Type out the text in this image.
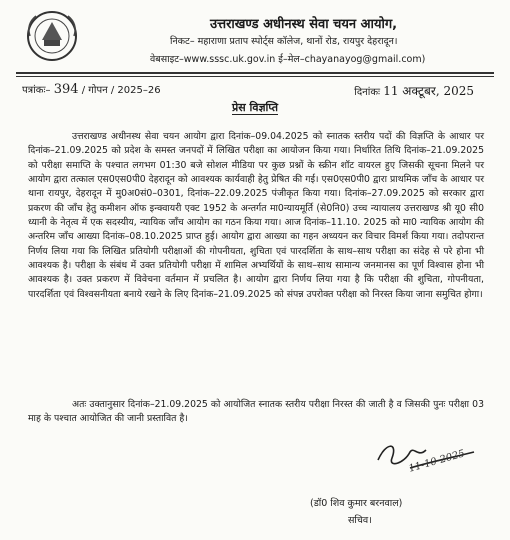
उत्तराखण्ड अधीनस्थ सेवा चयन आयोग,
निकट– महाराणा प्रताप स्पोर्ट्स कॉलेज, थानों रोड, रायपुर देहरादून।
वेबसाइट–www.sssc.uk.gov.in ई–मेल–chayanayog@gmail.com)
पत्रांकः– 394 / गोपन / 2025–26	दिनांकः 11 अक्टूबर, 2025
प्रेस विज्ञप्ति

उत्तराखण्ड अधीनस्थ सेवा चयन आयोग द्वारा दिनांक–09.04.2025 को स्नातक स्तरीय पदों की विज्ञप्ति के आधार पर दिनांक–21.09.2025 को प्रदेश के समस्त जनपदों में लिखित परीक्षा का आयोजन किया गया। निर्धारित तिथि दिनांक–21.09.2025 को परीक्षा समाप्ति के पश्चात लगभग 01:30 बजे सोशल मीडिया पर कुछ प्रश्नों के स्क्रीन शॉट वायरल हुए जिसकी सूचना मिलने पर आयोग द्वारा तत्काल एस0एस0पी0 देहरादून को आवश्यक कार्यवाही हेतु प्रेषित की गई। एस0एस0पी0 द्वारा प्राथमिक जाँच के आधार पर थाना रायपुर, देहरादून में मु0अ0सं0–0301, दिनांक–22.09.2025 पंजीकृत किया गया। दिनांक–27.09.2025 को सरकार द्वारा प्रकरण की जाँच हेतु कमीशन ऑफ इन्क्वायरी एक्ट 1952 के अन्तर्गत मा0न्यायमूर्ति (से0नि0) उच्च न्यायालय उत्तराखण्ड श्री यू0 सी0 ध्यानी के नेतृत्व में एक सदस्यीय, न्यायिक जाँच आयोग का गठन किया गया। आज दिनांक–11.10. 2025 को मा0 न्यायिक आयोग की अन्तरिम जाँच आख्या दिनांक–08.10.2025 प्राप्त हुई। आयोग द्वारा आख्या का गहन अध्ययन कर विचार विमर्श किया गया। तदोपरान्त निर्णय लिया गया कि लिखित प्रतियोगी परीक्षाओं की गोपनीयता, शुचिता एवं पारदर्शिता के साथ–साथ परीक्षा का संदेह से परे होना भी आवश्यक है। परीक्षा के संबंध में उक्त प्रतियोगी परीक्षा में शामिल अभ्यर्थियों के साथ–साथ सामान्य जनमानस का पूर्ण विश्वास होना भी आवश्यक है। उक्त प्रकरण में विवेचना वर्तमान में प्रचलित है। आयोग द्वारा निर्णय लिया गया है कि परीक्षा की शुचिता, गोपनीयता, पारदर्शिता एवं विश्वसनीयता बनाये रखने के लिए दिनांक–21.09.2025 को संपन्न उपरोक्त परीक्षा को निरस्त किया जाना समुचित होगा।

अतः उक्तानुसार दिनांक–21.09.2025 को आयोजित स्नातक स्तरीय परीक्षा निरस्त की जाती है व जिसकी पुनः परीक्षा 03 माह के पश्चात आयोजित की जानी प्रस्तावित है।

11-10-2025
(डॉ0 शिव कुमार बरनवाल)
सचिव।
